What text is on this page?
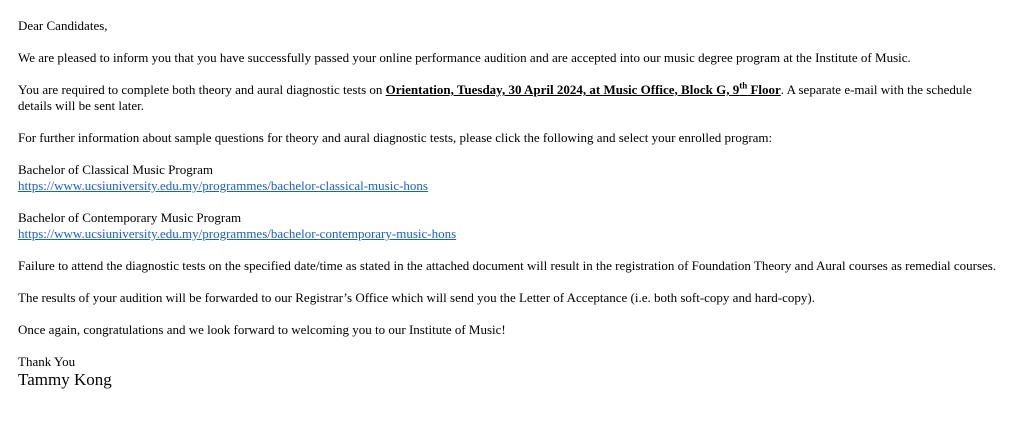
Dear Candidates,
We are pleased to inform you that you have successfully passed your online performance audition and are accepted into our music degree program at the Institute of Music.
You are required to complete both theory and aural diagnostic tests on Orientation, Tuesday, 30 April 2024, at Music Office, Block G, 9th Floor. A separate e-mail with the schedule details will be sent later.
For further information about sample questions for theory and aural diagnostic tests, please click the following and select your enrolled program:
Bachelor of Classical Music Program
https://www.ucsiuniversity.edu.my/programmes/bachelor-classical-music-hons
Bachelor of Contemporary Music Program
https://www.ucsiuniversity.edu.my/programmes/bachelor-contemporary-music-hons
Failure to attend the diagnostic tests on the specified date/time as stated in the attached document will result in the registration of Foundation Theory and Aural courses as remedial courses.
The results of your audition will be forwarded to our Registrar’s Office which will send you the Letter of Acceptance (i.e. both soft-copy and hard-copy).
Once again, congratulations and we look forward to welcoming you to our Institute of Music!
Thank You
Tammy Kong
